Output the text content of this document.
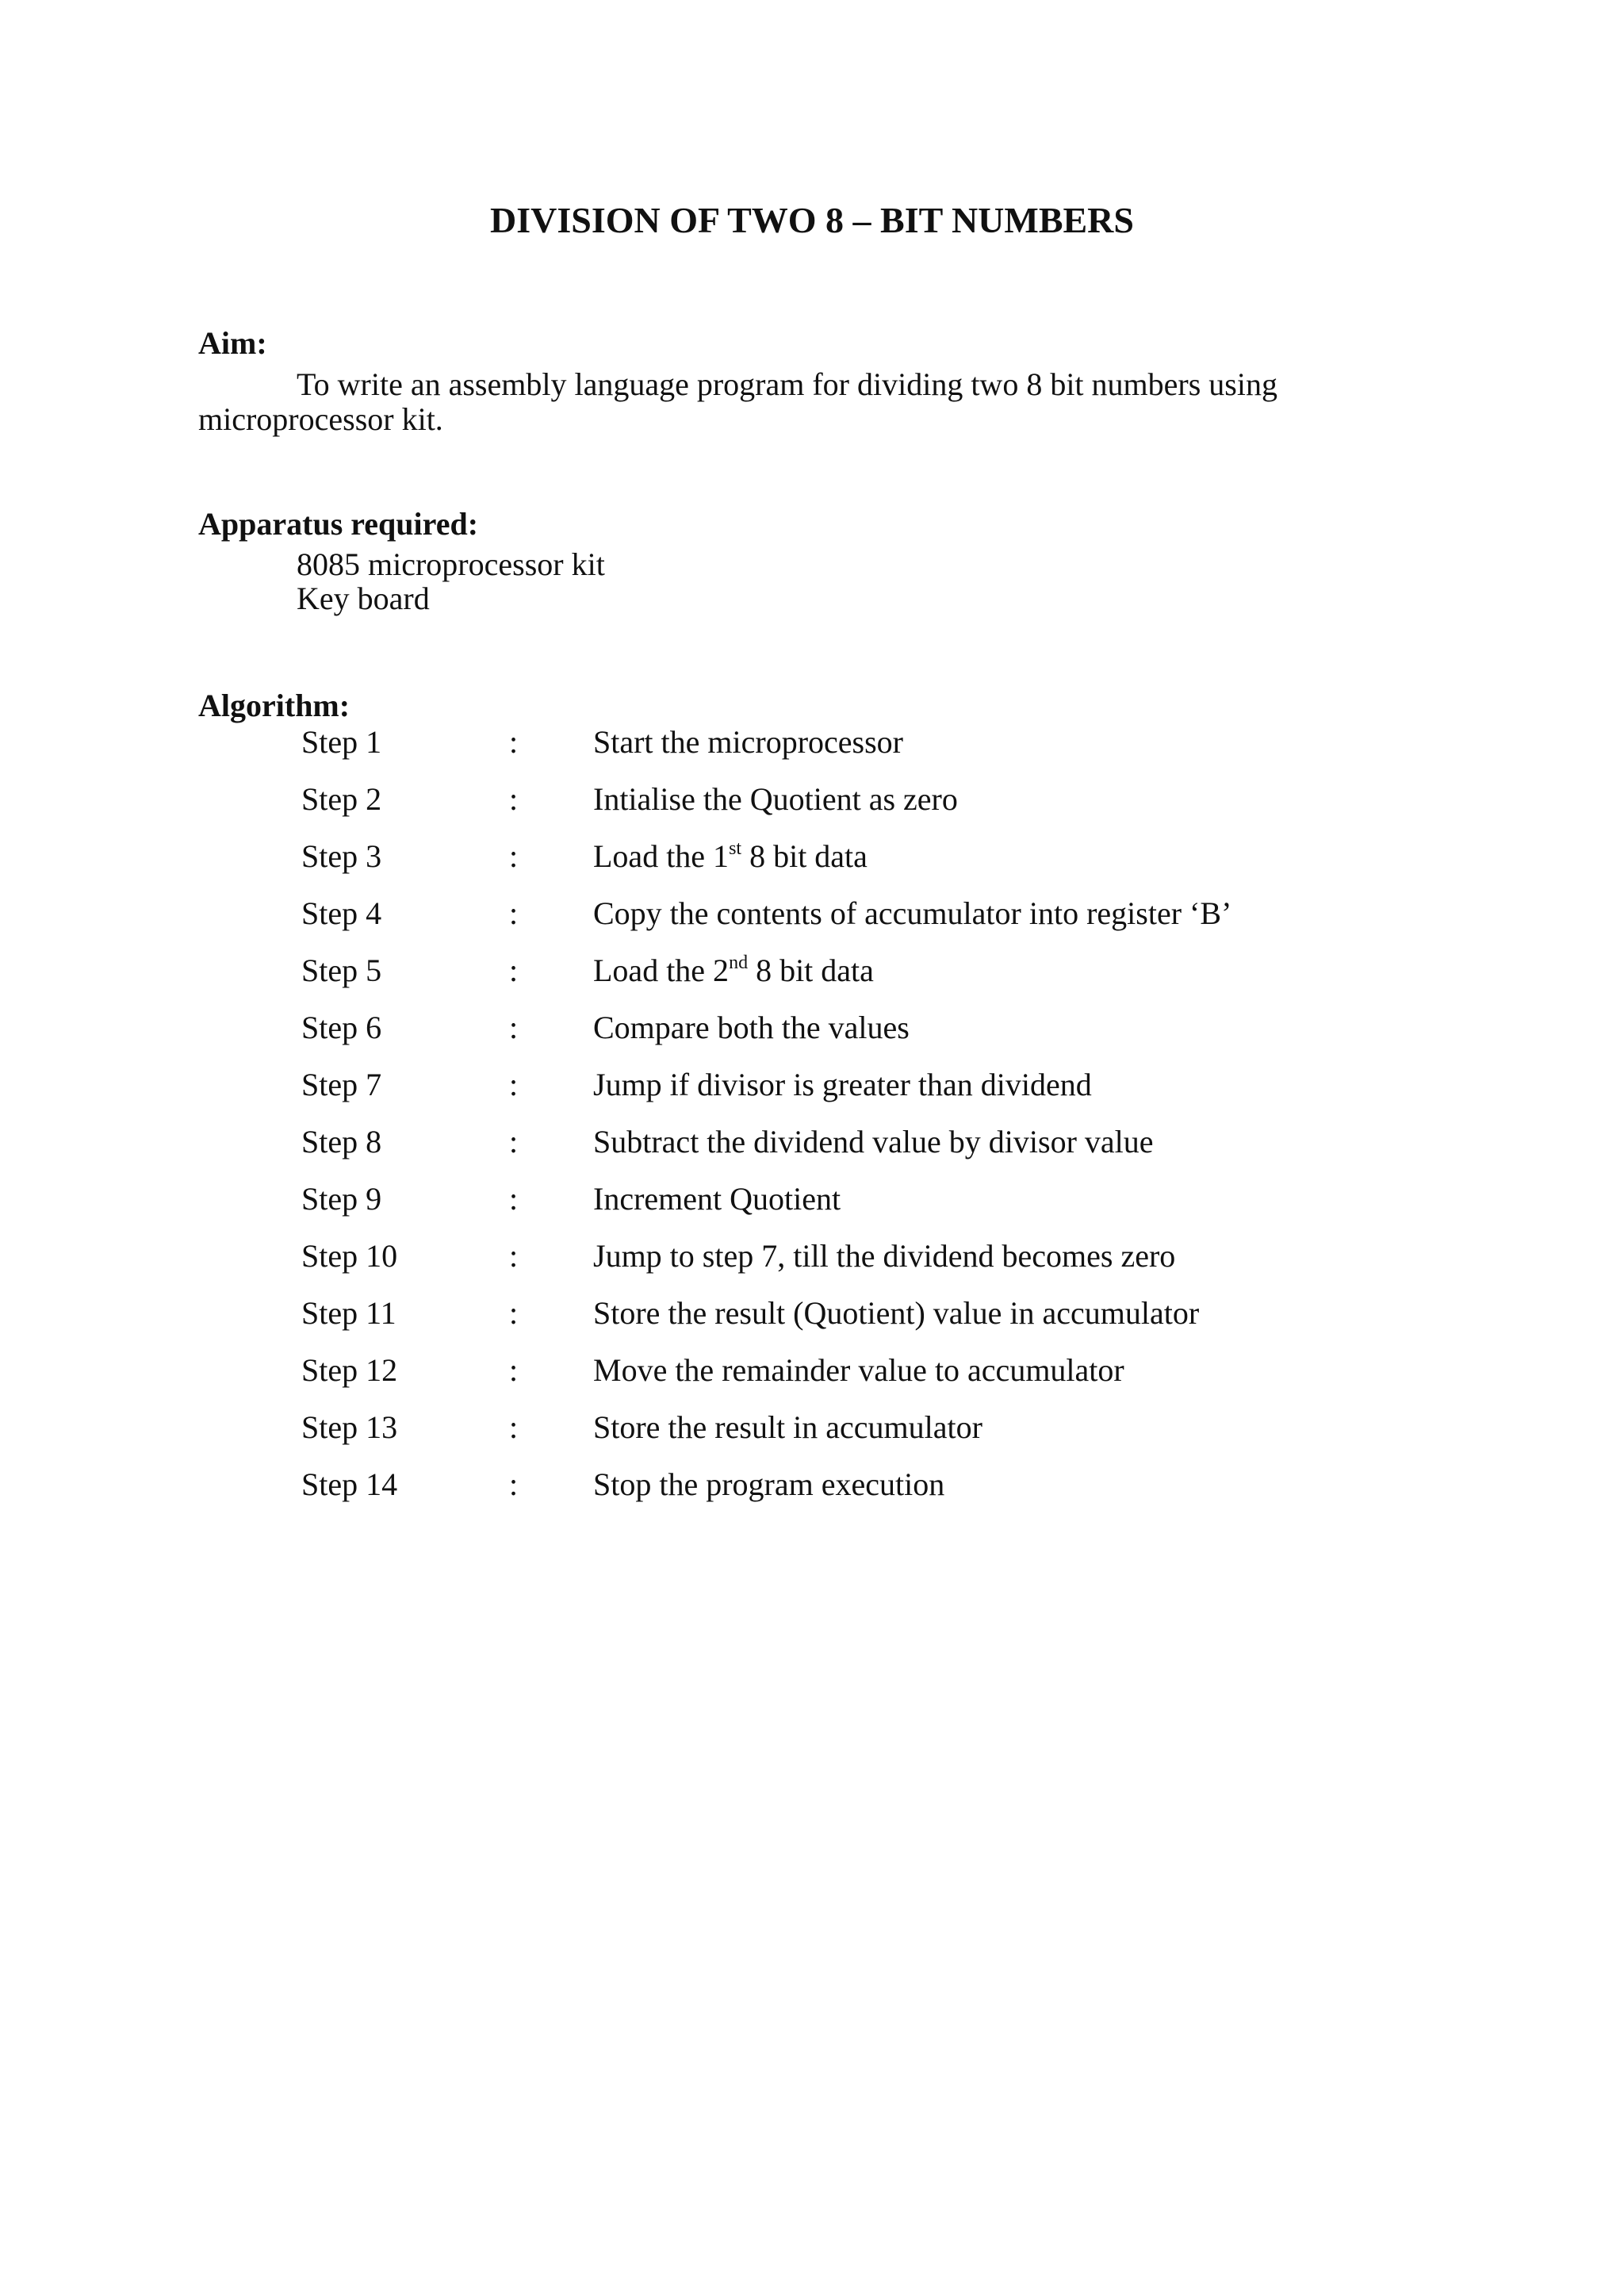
DIVISION OF TWO 8 – BIT NUMBERS
Aim:
To write an assembly language program for dividing two 8 bit numbers using microprocessor kit.
Apparatus required:
8085 microprocessor kit
Key board
Algorithm:
Step 1	: Start the microprocessor
Step 2	: Intialise the Quotient as zero
Step 3	: Load the 1st 8 bit data
Step 4	: Copy the contents of accumulator into register ‘B’
Step 5	: Load the 2nd 8 bit data
Step 6	: Compare both the values
Step 7	: Jump if divisor is greater than dividend
Step 8	: Subtract the dividend value by divisor value
Step 9	: Increment Quotient
Step 10	: Jump to step 7, till the dividend becomes zero
Step 11	: Store the result (Quotient) value in accumulator
Step 12	: Move the remainder value to accumulator
Step 13	: Store the result in accumulator
Step 14	: Stop the program execution
